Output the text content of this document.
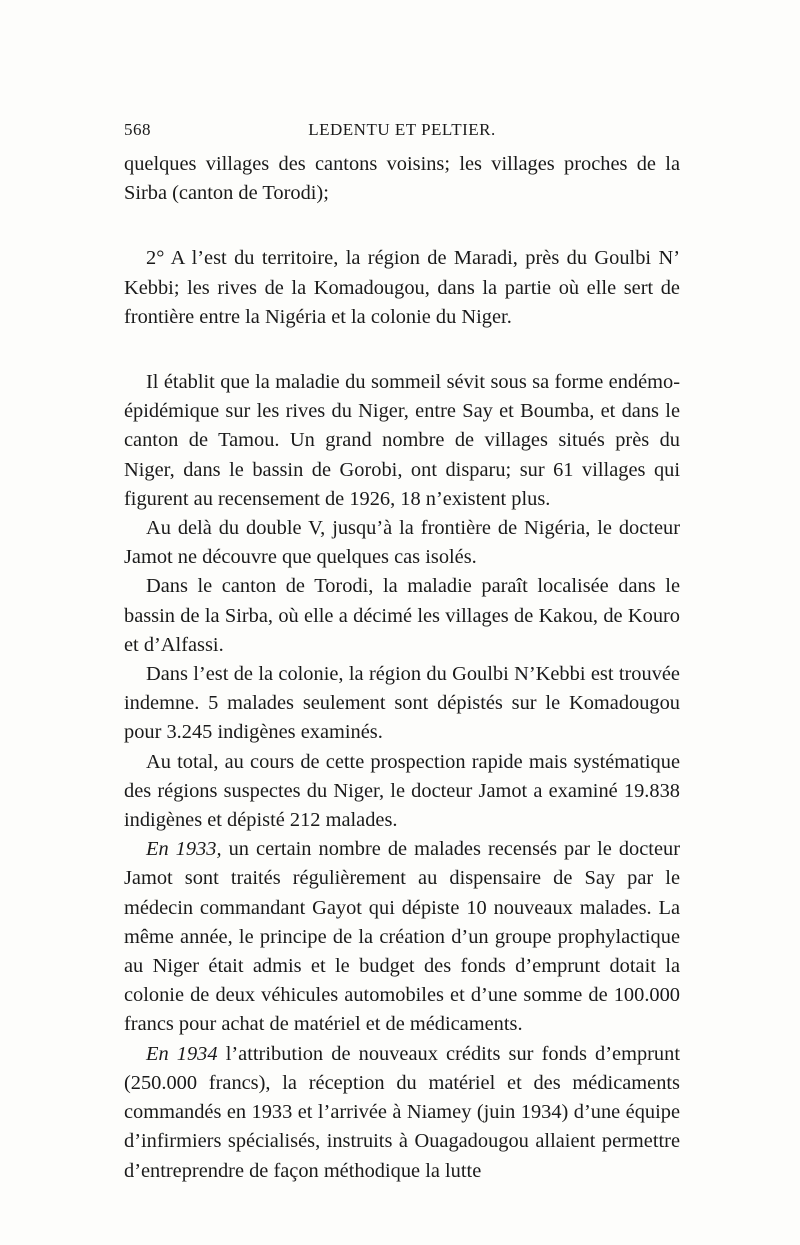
568	LEDENTU ET PELTIER.

quelques villages des cantons voisins; les villages proches de la Sirba (canton de Torodi);

2° A l’est du territoire, la région de Maradi, près du Goulbi N’ Kebbi; les rives de la Komadougou, dans la partie où elle sert de frontière entre la Nigéria et la colonie du Niger.

Il établit que la maladie du sommeil sévit sous sa forme endémo-épidémique sur les rives du Niger, entre Say et Boumba, et dans le canton de Tamou. Un grand nombre de villages situés près du Niger, dans le bassin de Gorobi, ont disparu; sur 61 villages qui figurent au recensement de 1926, 18 n’existent plus.

Au delà du double V, jusqu’à la frontière de Nigéria, le docteur Jamot ne découvre que quelques cas isolés.

Dans le canton de Torodi, la maladie paraît localisée dans le bassin de la Sirba, où elle a décimé les villages de Kakou, de Kouro et d’Alfassi.

Dans l’est de la colonie, la région du Goulbi N’Kebbi est trouvée indemne. 5 malades seulement sont dépistés sur le Komadougou pour 3.245 indigènes examinés.

Au total, au cours de cette prospection rapide mais systématique des régions suspectes du Niger, le docteur Jamot a examiné 19.838 indigènes et dépisté 212 malades.

En 1933, un certain nombre de malades recensés par le docteur Jamot sont traités régulièrement au dispensaire de Say par le médecin commandant Gayot qui dépiste 10 nouveaux malades. La même année, le principe de la création d’un groupe prophylactique au Niger était admis et le budget des fonds d’emprunt dotait la colonie de deux véhicules automobiles et d’une somme de 100.000 francs pour achat de matériel et de médicaments.

En 1934 l’attribution de nouveaux crédits sur fonds d’emprunt (250.000 francs), la réception du matériel et des médicaments commandés en 1933 et l’arrivée à Niamey (juin 1934) d’une équipe d’infirmiers spécialisés, instruits à Ouagadougou allaient permettre d’entreprendre de façon méthodique la lutte
